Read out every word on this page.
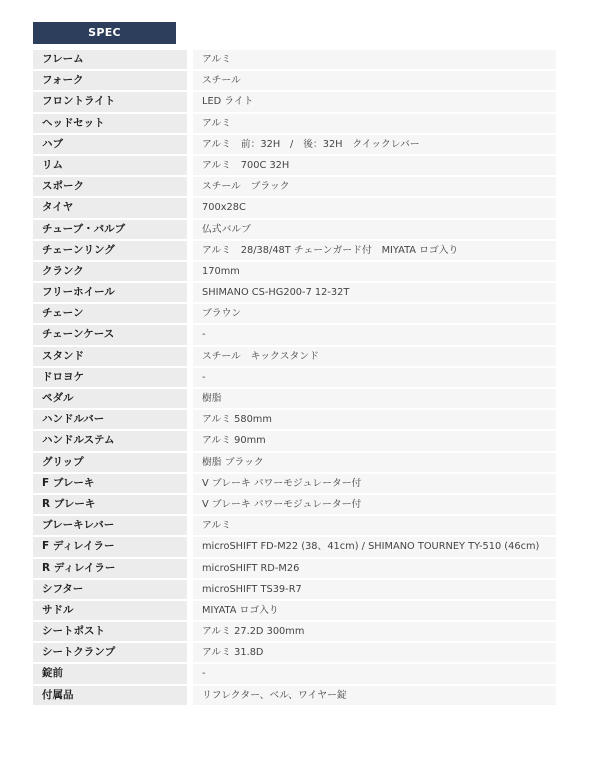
SPEC
フレーム	アルミ
フォーク	スチール
フロントライト	LED ライト
ヘッドセット	アルミ
ハブ	アルミ　前：32H　/　後：32H　クイックレバー
リム	アルミ　700C 32H
スポーク	スチール　ブラック
タイヤ	700x28C
チューブ・バルブ	仏式バルブ
チェーンリング	アルミ　28/38/48T チェーンガード付　MIYATA ロゴ入り
クランク	170mm
フリーホイール	SHIMANO CS-HG200-7 12-32T
チェーン	ブラウン
チェーンケース	-
スタンド	スチール　キックスタンド
ドロヨケ	-
ペダル	樹脂
ハンドルバー	アルミ 580mm
ハンドルステム	アルミ 90mm
グリップ	樹脂 ブラック
F ブレーキ	V ブレーキ パワーモジュレーター付
R ブレーキ	V ブレーキ パワーモジュレーター付
ブレーキレバー	アルミ
F ディレイラー	microSHIFT FD-M22 (38、41cm) / SHIMANO TOURNEY TY-510 (46cm)
R ディレイラー	microSHIFT RD-M26
シフター	microSHIFT TS39-R7
サドル	MIYATA ロゴ入り
シートポスト	アルミ 27.2D 300mm
シートクランプ	アルミ 31.8D
錠前	-
付属品	リフレクター、ベル、ワイヤー錠
